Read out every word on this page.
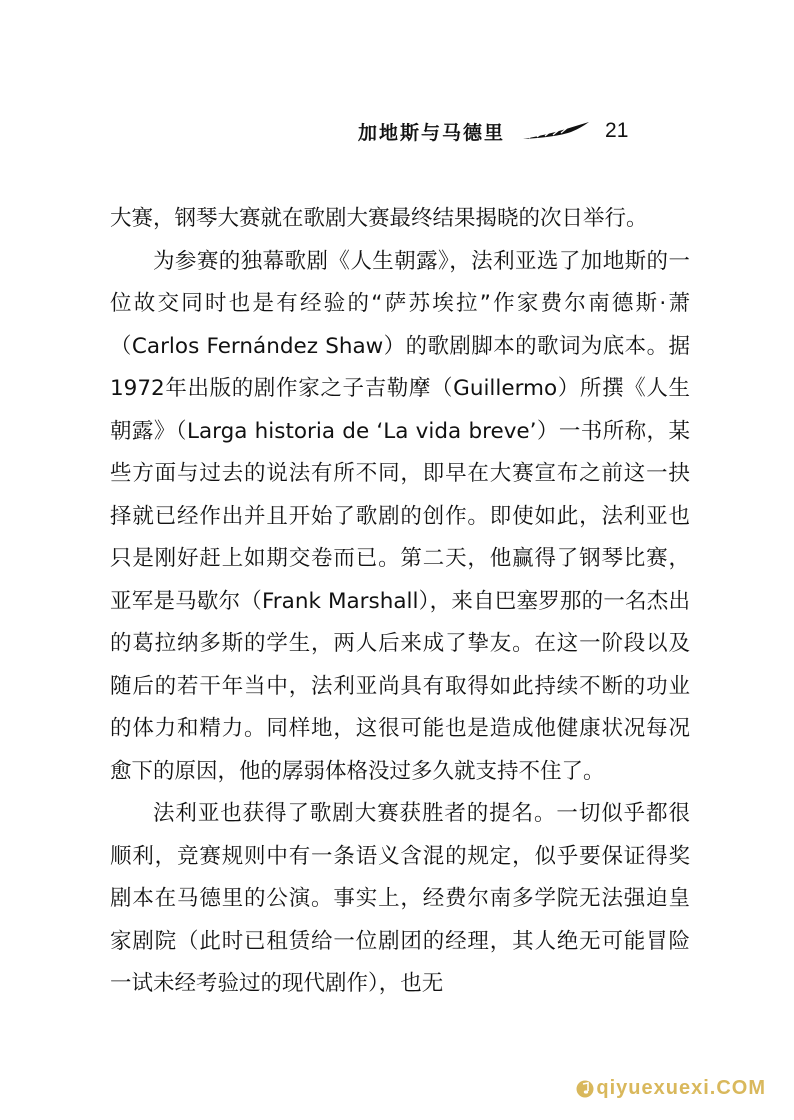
加地斯与马德里	21

大赛，钢琴大赛就在歌剧大赛最终结果揭晓的次日举行。

为参赛的独幕歌剧《人生朝露》，法利亚选了加地斯的一位故交同时也是有经验的“萨苏埃拉”作家费尔南德斯·萧（Carlos Fernández Shaw）的歌剧脚本的歌词为底本。据1972年出版的剧作家之子吉勒摩（Guillermo）所撰《人生朝露》（Larga historia de ‘La vida breve’）一书所称，某些方面与过去的说法有所不同，即早在大赛宣布之前这一抉择就已经作出并且开始了歌剧的创作。即使如此，法利亚也只是刚好赶上如期交卷而已。第二天，他赢得了钢琴比赛，亚军是马歇尔（Frank Marshall），来自巴塞罗那的一名杰出的葛拉纳多斯的学生，两人后来成了挚友。在这一阶段以及随后的若干年当中，法利亚尚具有取得如此持续不断的功业的体力和精力。同样地，这很可能也是造成他健康状况每况愈下的原因，他的孱弱体格没过多久就支持不住了。

法利亚也获得了歌剧大赛获胜者的提名。一切似乎都很顺利，竞赛规则中有一条语义含混的规定，似乎要保证得奖剧本在马德里的公演。事实上，经费尔南多学院无法强迫皇家剧院（此时已租赁给一位剧团的经理，其人绝无可能冒险一试未经考验过的现代剧作），也无

qiyuexuexi.COM
